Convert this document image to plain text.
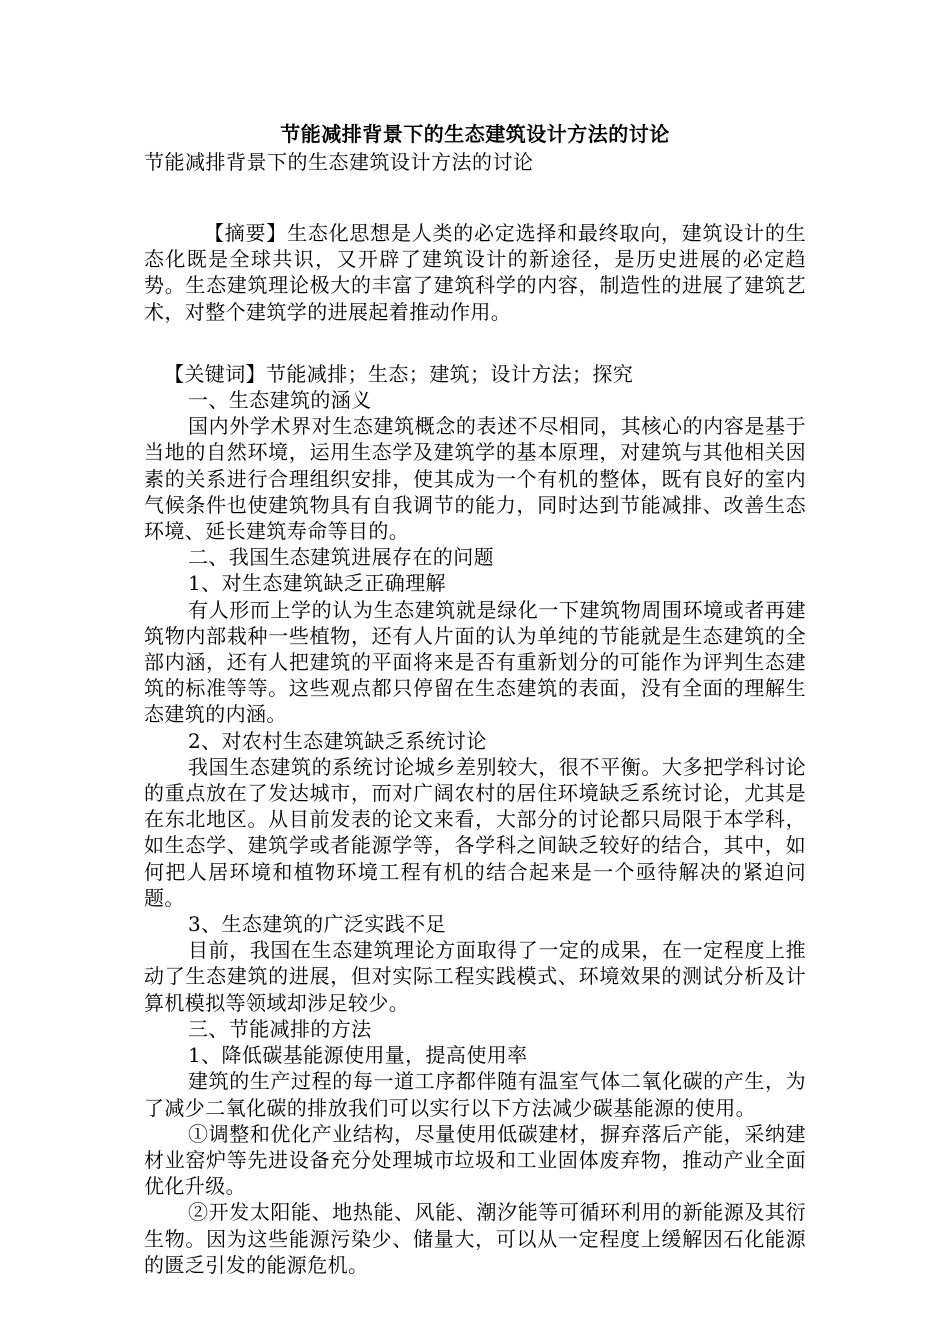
节能减排背景下的生态建筑设计方法的讨论

节能减排背景下的生态建筑设计方法的讨论

【摘要】生态化思想是人类的必定选择和最终取向，建筑设计的生态化既是全球共识，又开辟了建筑设计的新途径，是历史进展的必定趋势。生态建筑理论极大的丰富了建筑科学的内容，制造性的进展了建筑艺术，对整个建筑学的进展起着推动作用。

【关键词】节能减排；生态；建筑；设计方法；探究

一、生态建筑的涵义

国内外学术界对生态建筑概念的表述不尽相同，其核心的内容是基于当地的自然环境，运用生态学及建筑学的基本原理，对建筑与其他相关因素的关系进行合理组织安排，使其成为一个有机的整体，既有良好的室内气候条件也使建筑物具有自我调节的能力，同时达到节能减排、改善生态环境、延长建筑寿命等目的。

二、我国生态建筑进展存在的问题

1、对生态建筑缺乏正确理解

有人形而上学的认为生态建筑就是绿化一下建筑物周围环境或者再建筑物内部栽种一些植物，还有人片面的认为单纯的节能就是生态建筑的全部内涵，还有人把建筑的平面将来是否有重新划分的可能作为评判生态建筑的标准等等。这些观点都只停留在生态建筑的表面，没有全面的理解生态建筑的内涵。

2、对农村生态建筑缺乏系统讨论

我国生态建筑的系统讨论城乡差别较大，很不平衡。大多把学科讨论的重点放在了发达城市，而对广阔农村的居住环境缺乏系统讨论，尤其是在东北地区。从目前发表的论文来看，大部分的讨论都只局限于本学科，如生态学、建筑学或者能源学等，各学科之间缺乏较好的结合，其中，如何把人居环境和植物环境工程有机的结合起来是一个亟待解决的紧迫问题。

3、生态建筑的广泛实践不足

目前，我国在生态建筑理论方面取得了一定的成果，在一定程度上推动了生态建筑的进展，但对实际工程实践模式、环境效果的测试分析及计算机模拟等领域却涉足较少。

三、节能减排的方法

1、降低碳基能源使用量，提高使用率

建筑的生产过程的每一道工序都伴随有温室气体二氧化碳的产生，为了减少二氧化碳的排放我们可以实行以下方法减少碳基能源的使用。

①调整和优化产业结构，尽量使用低碳建材，摒弃落后产能，采纳建材业窑炉等先进设备充分处理城市垃圾和工业固体废弃物，推动产业全面优化升级。

②开发太阳能、地热能、风能、潮汐能等可循环利用的新能源及其衍生物。因为这些能源污染少、储量大，可以从一定程度上缓解因石化能源的匮乏引发的能源危机。
